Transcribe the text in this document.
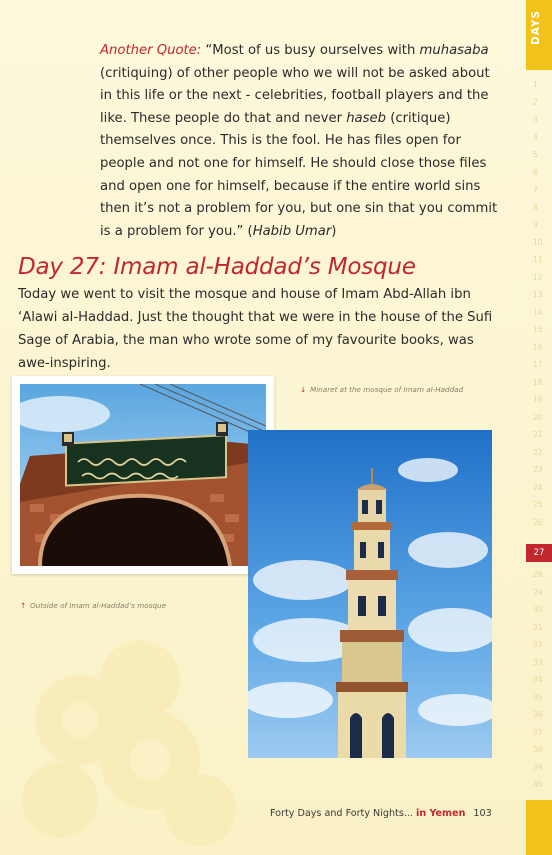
Another Quote: “Most of us busy ourselves with muhasaba (critiquing) of other people who we will not be asked about in this life or the next - celebrities, football players and the like. These people do that and never haseb (critique) themselves once. This is the fool. He has files open for people and not one for himself. He should close those files and open one for himself, because if the entire world sins then it’s not a problem for you, but one sin that you commit is a problem for you.” (Habib Umar)
Day 27: Imam al-Haddad’s Mosque
Today we went to visit the mosque and house of Imam Abd-Allah ibn ‘Alawi al-Haddad. Just the thought that we were in the house of the Sufi Sage of Arabia, the man who wrote some of my favourite books, was awe-inspiring.
↓ Minaret at the mosque of Imam al-Haddad
↑ Outside of Imam al-Haddad’s mosque
DAYS
1
2
3
4
5
6
7
8
9
10
11
12
13
14
15
16
17
18
19
20
21
22
23
24
25
26
28
29
30
31
32
33
34
35
36
37
38
39
40
27
Forty Days and Forty Nights... in Yemen 103
